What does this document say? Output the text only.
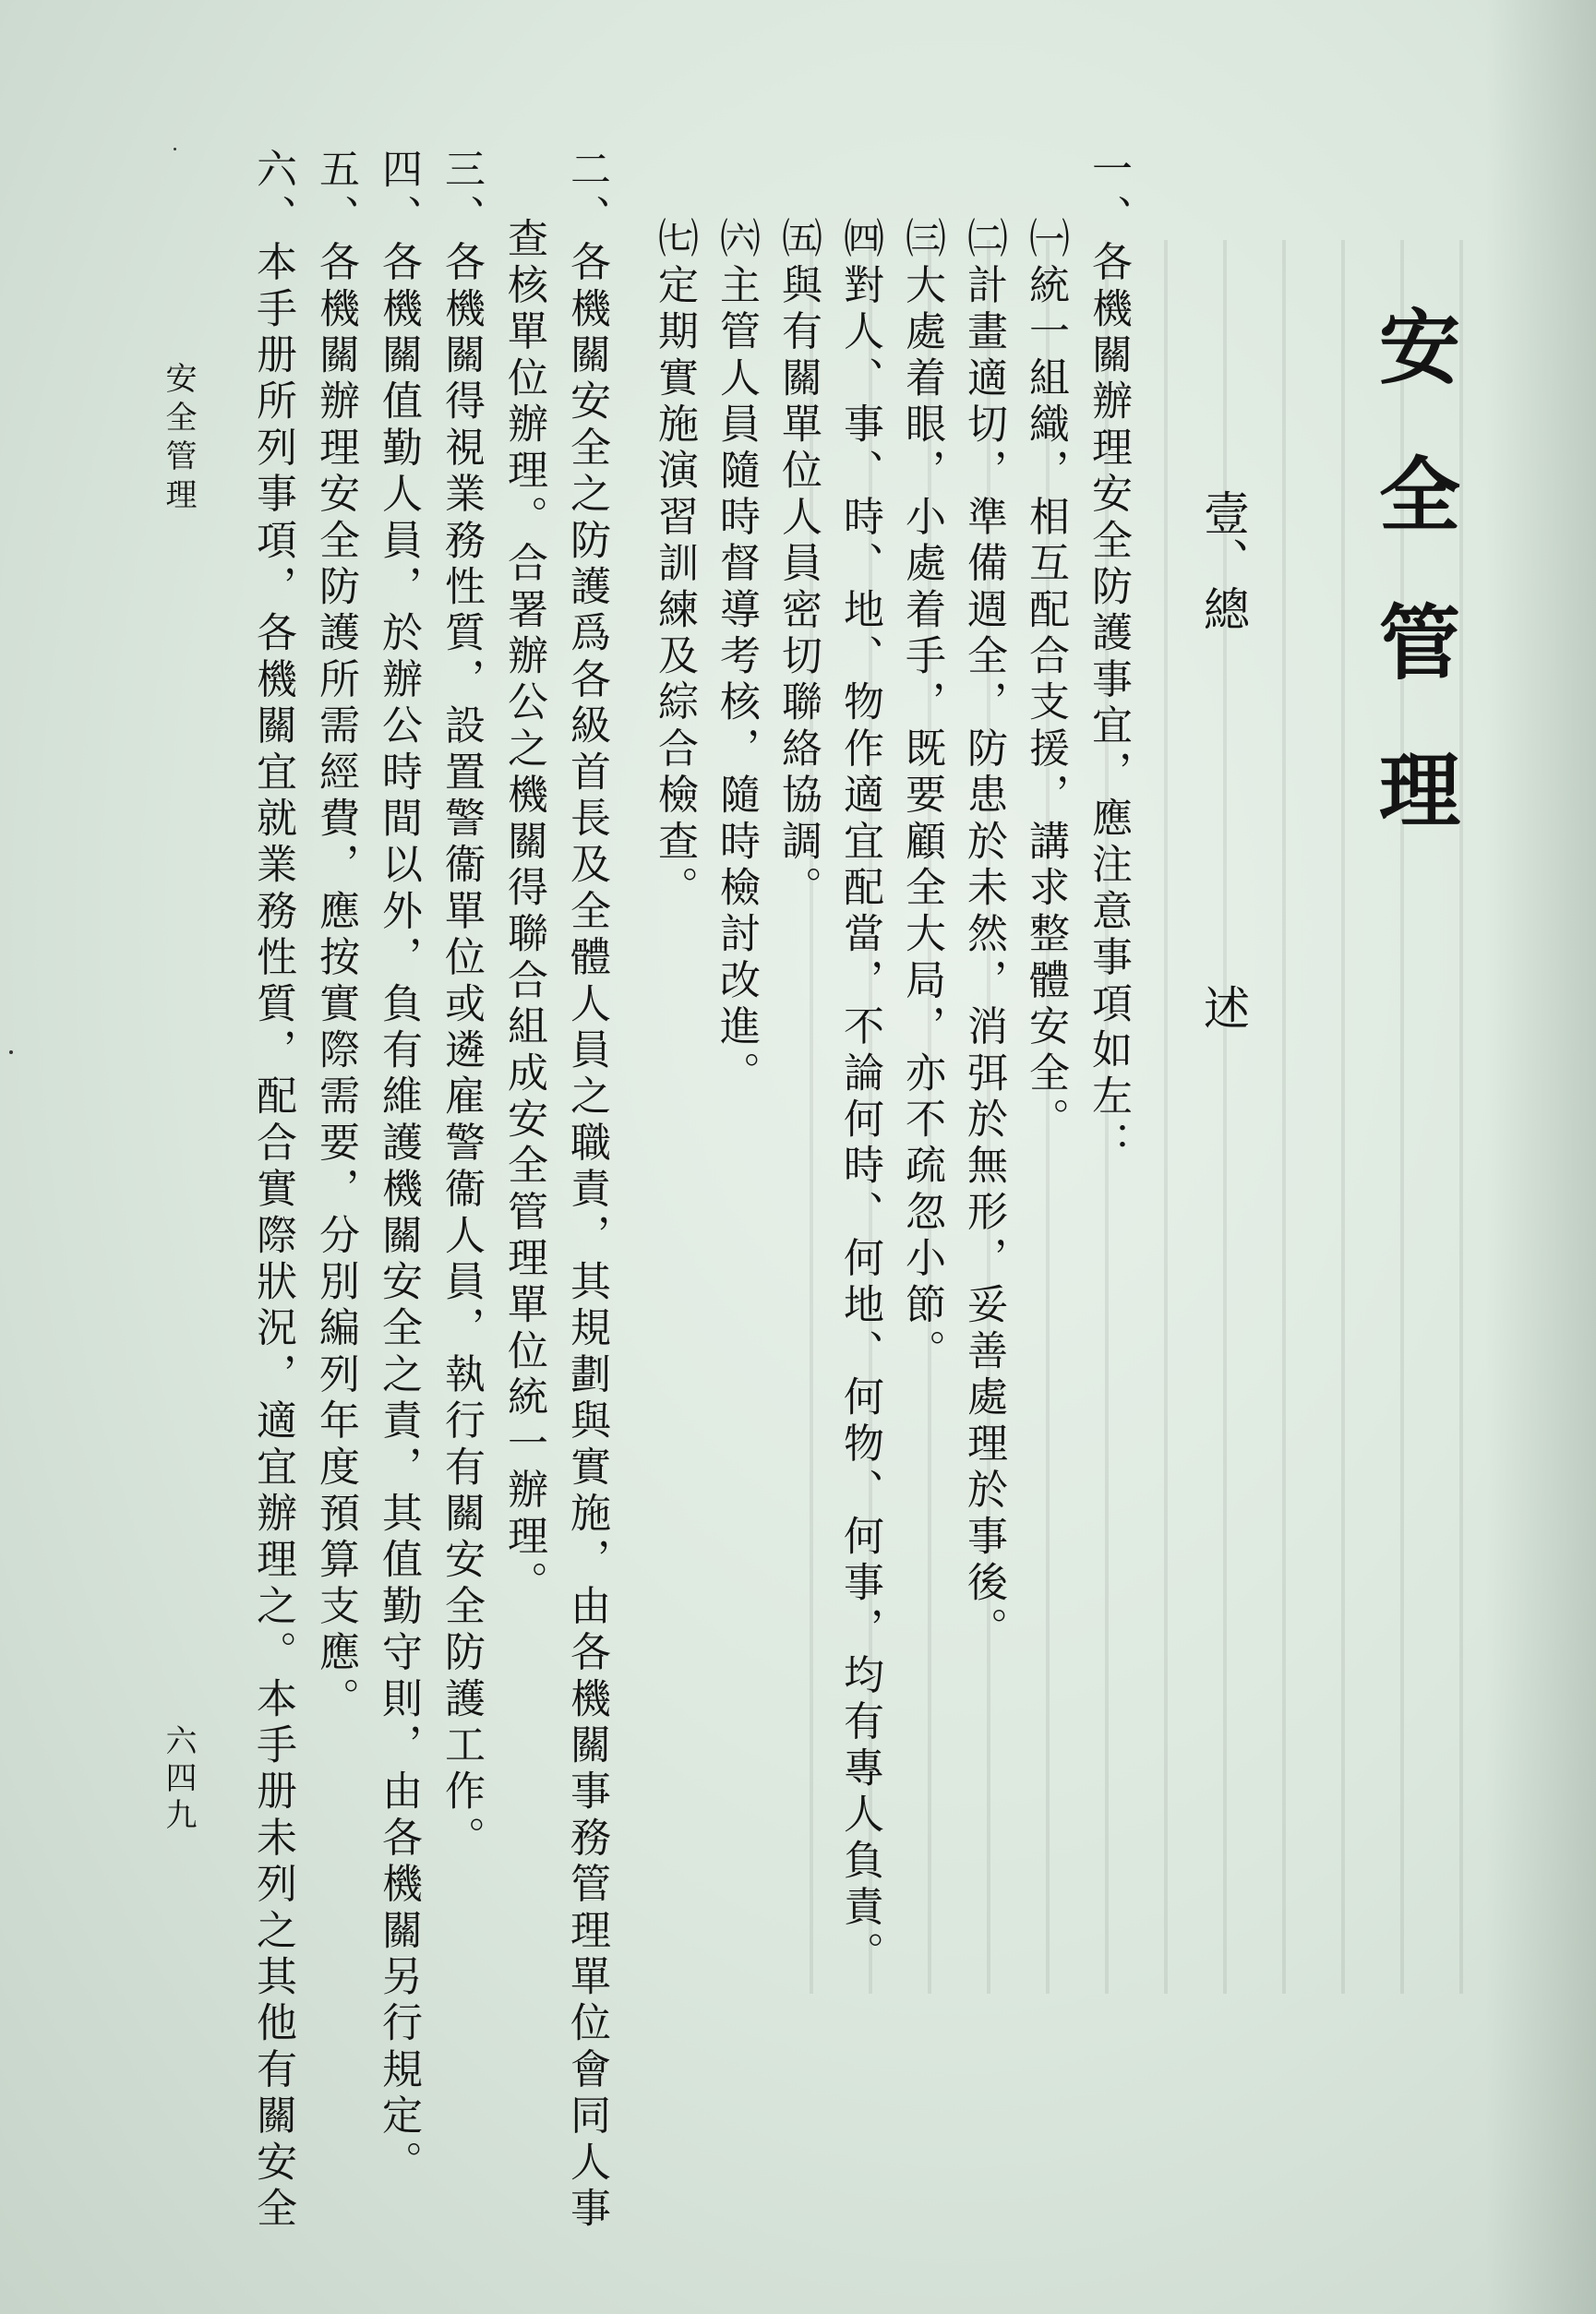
安全管理
壹、總述
一、各機關辦理安全防護事宜，應注意事項如左：
㈠統一組織，相互配合支援，講求整體安全。
㈡計畫適切，準備週全，防患於未然，消弭於無形，妥善處理於事後。
㈢大處着眼，小處着手，既要顧全大局，亦不疏忽小節。
㈣對人、事、時、地、物作適宜配當，不論何時、何地、何物、何事，均有專人負責。
㈤與有關單位人員密切聯絡協調。
㈥主管人員隨時督導考核，隨時檢討改進。
㈦定期實施演習訓練及綜合檢查。
二、各機關安全之防護爲各級首長及全體人員之職責，其規劃與實施，由各機關事務管理單位會同人事
查核單位辦理。合署辦公之機關得聯合組成安全管理單位統一辦理。
三、各機關得視業務性質，設置警衞單位或遴雇警衞人員，執行有關安全防護工作。
四、各機關值勤人員，於辦公時間以外，負有維護機關安全之責，其值勤守則，由各機關另行規定。
五、各機關辦理安全防護所需經費，應按實際需要，分別編列年度預算支應。
六、本手册所列事項，各機關宜就業務性質，配合實際狀況，適宜辦理之。本手册未列之其他有關安全
安全管理
六四九
